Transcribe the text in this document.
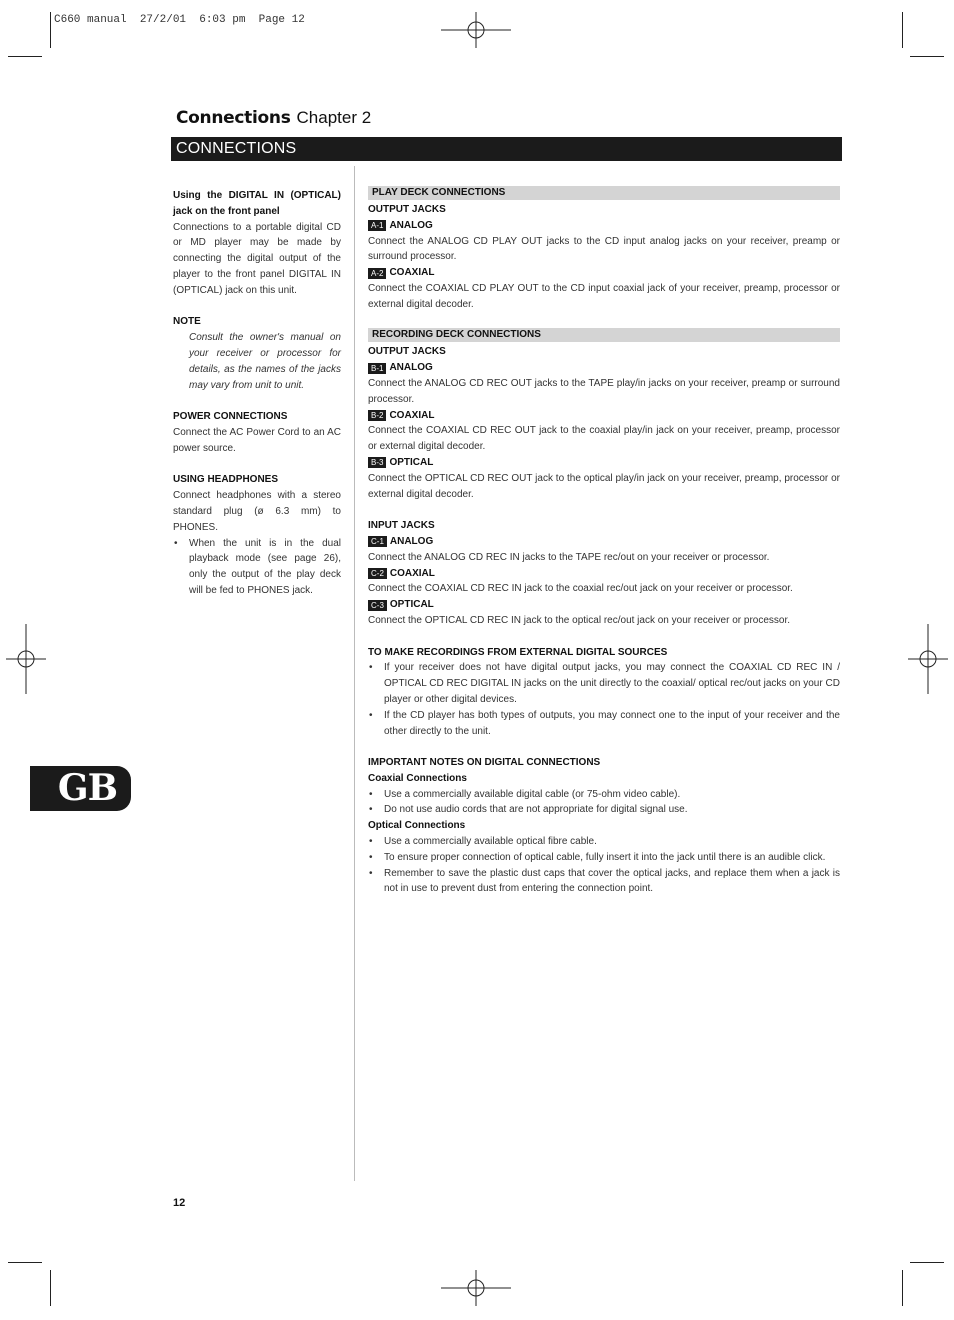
C660 manual  27/2/01  6:03 pm  Page 12
Connections Chapter 2
CONNECTIONS
Using the DIGITAL IN (OPTICAL) jack on the front panel
Connections to a portable digital CD or MD player may be made by connecting the digital output of the player to the front panel DIGITAL IN (OPTICAL) jack on this unit.
NOTE
Consult the owner's manual on your receiver or processor for details, as the names of the jacks may vary from unit to unit.
POWER CONNECTIONS
Connect the AC Power Cord to an AC power source.
USING HEADPHONES
Connect headphones with a stereo standard plug (ø 6.3 mm) to PHONES.
• When the unit is in the dual playback mode (see page 26), only the output of the play deck will be fed to PHONES jack.
PLAY DECK CONNECTIONS
OUTPUT JACKS
A-1 ANALOG
Connect the ANALOG CD PLAY OUT jacks to the CD input analog jacks on your receiver, preamp or surround processor.
A-2 COAXIAL
Connect the COAXIAL CD PLAY OUT to the CD input coaxial jack of your receiver, preamp, processor or external digital decoder.
RECORDING DECK CONNECTIONS
OUTPUT JACKS
B-1 ANALOG
Connect the ANALOG CD REC OUT jacks to the TAPE play/in jacks on your receiver, preamp or surround processor.
B-2 COAXIAL
Connect the COAXIAL CD REC OUT jack to the coaxial play/in jack on your receiver, preamp, processor or external digital decoder.
B-3 OPTICAL
Connect the OPTICAL CD REC OUT jack to the optical play/in jack on your receiver, preamp, processor or external digital decoder.
INPUT JACKS
C-1 ANALOG
Connect the ANALOG CD REC IN jacks to the TAPE rec/out on your receiver or processor.
C-2 COAXIAL
Connect the COAXIAL CD REC IN jack to the coaxial rec/out jack on your receiver or processor.
C-3 OPTICAL
Connect the OPTICAL CD REC IN jack to the optical rec/out jack on your receiver or processor.
TO MAKE RECORDINGS FROM EXTERNAL DIGITAL SOURCES
• If your receiver does not have digital output jacks, you may connect the COAXIAL CD REC IN / OPTICAL CD REC DIGITAL IN jacks on the unit directly to the coaxial/ optical rec/out jacks on your CD player or other digital devices.
• If the CD player has both types of outputs, you may connect one to the input of your receiver and the other directly to the unit.
IMPORTANT NOTES ON DIGITAL CONNECTIONS
Coaxial Connections
• Use a commercially available digital cable (or 75-ohm video cable).
• Do not use audio cords that are not appropriate for digital signal use.
Optical Connections
• Use a commercially available optical fibre cable.
• To ensure proper connection of optical cable, fully insert it into the jack until there is an audible click.
• Remember to save the plastic dust caps that cover the optical jacks, and replace them when a jack is not in use to prevent dust from entering the connection point.
GB
12
